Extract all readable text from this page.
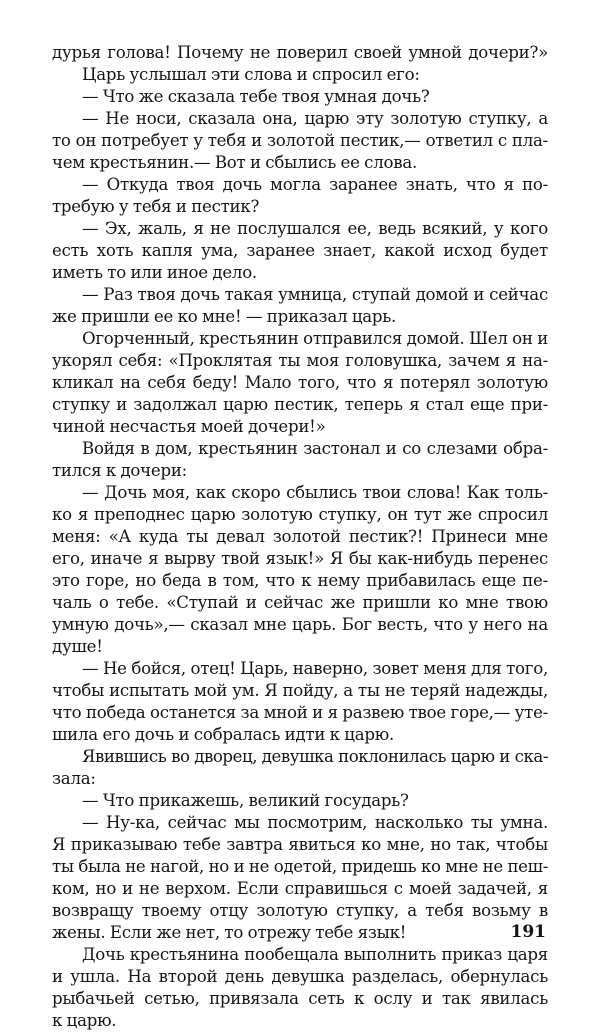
дурья голова! Почему не поверил своей умной дочери?»
Царь услышал эти слова и спросил его:
— Что же сказала тебе твоя умная дочь?
— Не носи, сказала она, царю эту золотую ступку, а
то он потребует у тебя и золотой пестик,— ответил с пла-
чем крестьянин.— Вот и сбылись ее слова.
— Откуда твоя дочь могла заранее знать, что я по-
требую у тебя и пестик?
— Эх, жаль, я не послушался ее, ведь всякий, у кого
есть хоть капля ума, заранее знает, какой исход будет
иметь то или иное дело.
— Раз твоя дочь такая умница, ступай домой и сейчас
же пришли ее ко мне! — приказал царь.
Огорченный, крестьянин отправился домой. Шел он и
укорял себя: «Проклятая ты моя головушка, зачем я на-
кликал на себя беду! Мало того, что я потерял золотую
ступку и задолжал царю пестик, теперь я стал еще при-
чиной несчастья моей дочери!»
Войдя в дом, крестьянин застонал и со слезами обра-
тился к дочери:
— Дочь моя, как скоро сбылись твои слова! Как толь-
ко я преподнес царю золотую ступку, он тут же спросил
меня: «А куда ты девал золотой пестик?! Принеси мне
его, иначе я вырву твой язык!» Я бы как-нибудь перенес
это горе, но беда в том, что к нему прибавилась еще пе-
чаль о тебе. «Ступай и сейчас же пришли ко мне твою
умную дочь»,— сказал мне царь. Бог весть, что у него на
душе!
— Не бойся, отец! Царь, наверно, зовет меня для того,
чтобы испытать мой ум. Я пойду, а ты не теряй надежды,
что победа останется за мной и я развею твое горе,— уте-
шила его дочь и собралась идти к царю.
Явившись во дворец, девушка поклонилась царю и ска-
зала:
— Что прикажешь, великий государь?
— Ну-ка, сейчас мы посмотрим, насколько ты умна.
Я приказываю тебе завтра явиться ко мне, но так, чтобы
ты была не нагой, но и не одетой, придешь ко мне не пеш-
ком, но и не верхом. Если справишься с моей задачей, я
возвращу твоему отцу золотую ступку, а тебя возьму в
жены. Если же нет, то отрежу тебе язык!
Дочь крестьянина пообещала выполнить приказ царя
и ушла. На второй день девушка разделась, обернулась
рыбачьей сетью, привязала сеть к ослу и так явилась
к царю.
191
